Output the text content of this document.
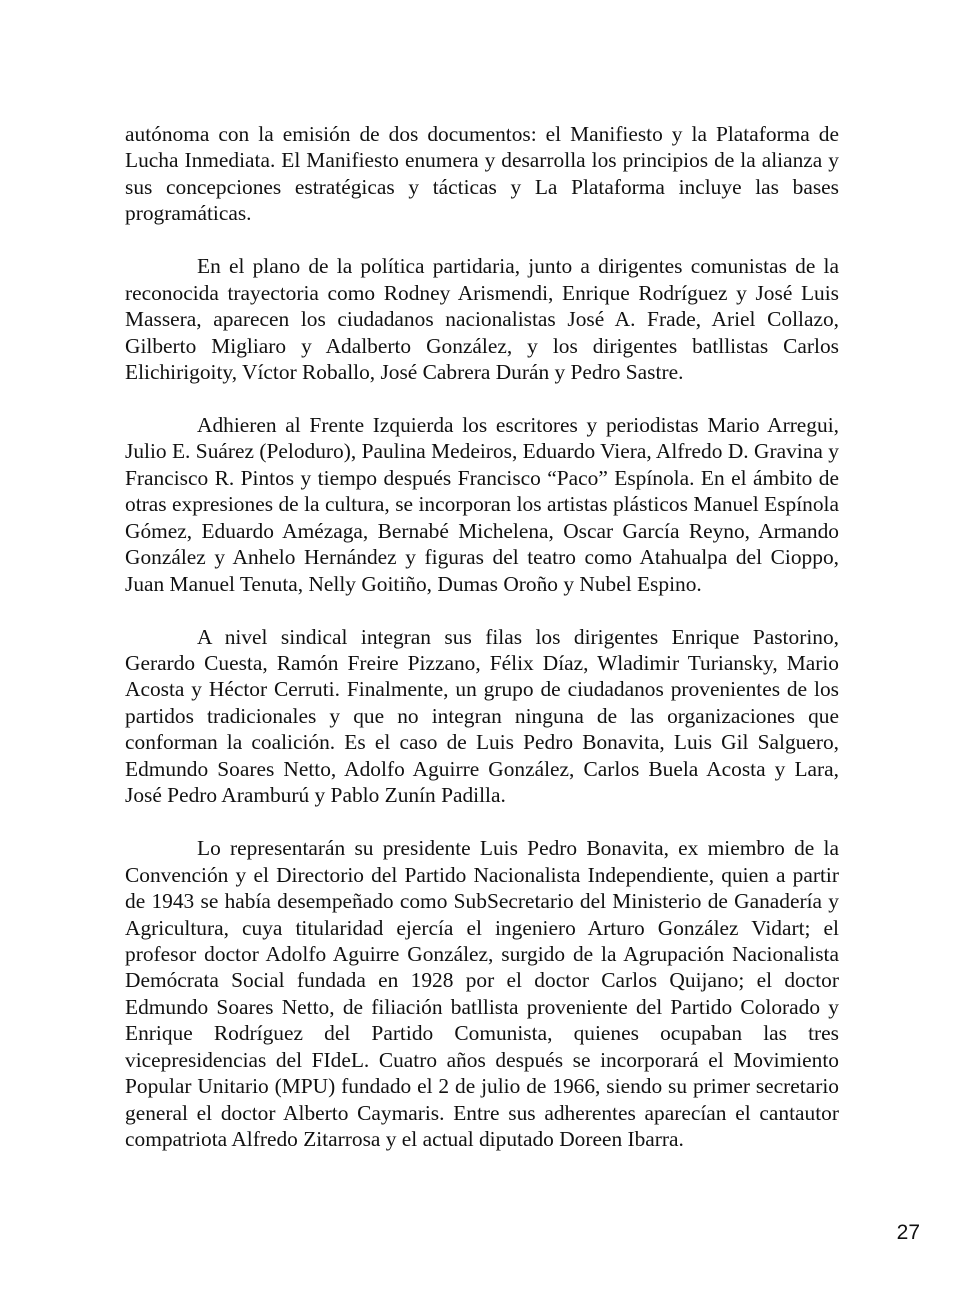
autónoma con la emisión de dos documentos: el Manifiesto y la Plataforma de Lucha Inmediata. El Manifiesto enumera y desarrolla los principios de la alianza y sus concepciones estratégicas y tácticas y La Plataforma incluye las bases programáticas.

En el plano de la política partidaria, junto a dirigentes comunistas de la reconocida trayectoria como Rodney Arismendi, Enrique Rodríguez y José Luis Massera, aparecen los ciudadanos nacionalistas José A. Frade, Ariel Collazo, Gilberto Migliaro y Adalberto González, y los dirigentes batllistas Carlos Elichirigoity, Víctor Roballo, José Cabrera Durán y Pedro Sastre.

Adhieren al Frente Izquierda los escritores y periodistas Mario Arregui, Julio E. Suárez (Peloduro), Paulina Medeiros, Eduardo Viera, Alfredo D. Gravina y Francisco R. Pintos y tiempo después Francisco “Paco” Espínola. En el ámbito de otras expresiones de la cultura, se incorporan los artistas plásticos Manuel Espínola Gómez, Eduardo Amézaga, Bernabé Michelena, Oscar García Reyno, Armando González y Anhelo Hernández y figuras del teatro como Atahualpa del Cioppo, Juan Manuel Tenuta, Nelly Goitiño, Dumas Oroño y Nubel Espino.

A nivel sindical integran sus filas los dirigentes Enrique Pastorino, Gerardo Cuesta, Ramón Freire Pizzano, Félix Díaz, Wladimir Turiansky, Mario Acosta y Héctor Cerruti. Finalmente, un grupo de ciudadanos provenientes de los partidos tradicionales y que no integran ninguna de las organizaciones que conforman la coalición. Es el caso de Luis Pedro Bonavita, Luis Gil Salguero, Edmundo Soares Netto, Adolfo Aguirre González, Carlos Buela Acosta y Lara, José Pedro Aramburú y Pablo Zunín Padilla.

Lo representarán su presidente Luis Pedro Bonavita, ex miembro de la Convención y el Directorio del Partido Nacionalista Independiente, quien a partir de 1943 se había desempeñado como SubSecretario del Ministerio de Ganadería y Agricultura, cuya titularidad ejercía el ingeniero Arturo González Vidart; el profesor doctor Adolfo Aguirre González, surgido de la Agrupación Nacionalista Demócrata Social fundada en 1928 por el doctor Carlos Quijano; el doctor Edmundo Soares Netto, de filiación batllista proveniente del Partido Colorado y Enrique Rodríguez del Partido Comunista, quienes ocupaban las tres vicepresidencias del FIdeL. Cuatro años después se incorporará el Movimiento Popular Unitario (MPU) fundado el 2 de julio de 1966, siendo su primer secretario general el doctor Alberto Caymaris. Entre sus adherentes aparecían el cantautor compatriota Alfredo Zitarrosa y el actual diputado Doreen Ibarra.

27
